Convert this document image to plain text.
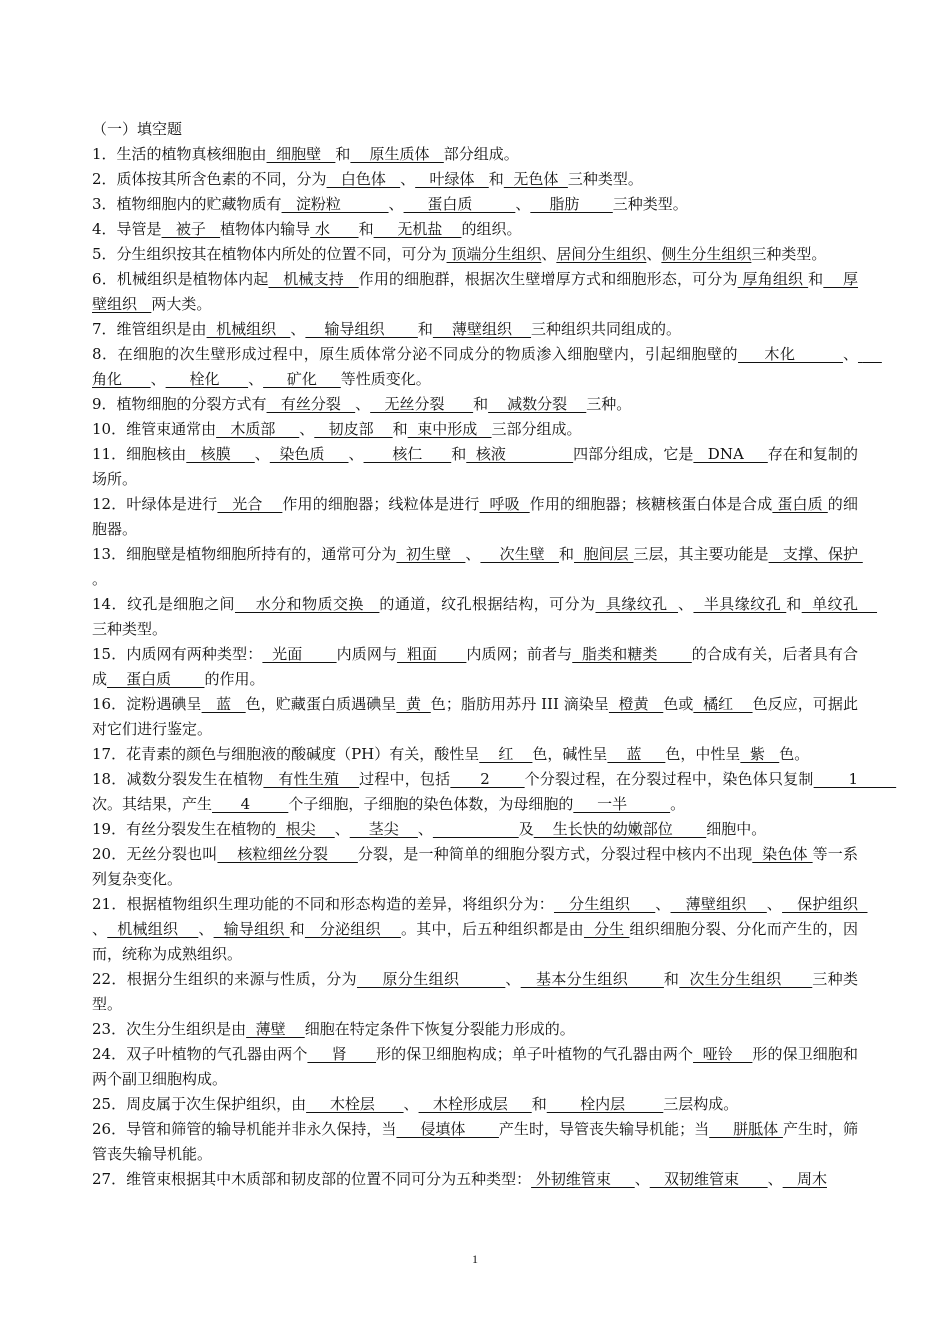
（一）填空题
1．生活的植物真核细胞由  细胞壁   和    原生质体   部分组成。
2．质体按其所含色素的不同，分为   白色体   、   叶绿体   和  无色体  三种类型。
3．植物细胞内的贮藏物质有   淀粉粒          、     蛋白质         、    脂肪       三种类型。
4．导管是   被子   植物体内输导 水      和     无机盐    的组织。
5．分生组织按其在植物体内所处的位置不同，可分为 顶端分生组织、居间分生组织、侧生分生组织三种类型。
6．机械组织是植物体内起   机械支持   作用的细胞群，根据次生壁增厚方式和细胞形态，可分为 厚角组织 和    厚壁组织   两大类。
7．维管组织是由  机械组织   、    输导组织       和    薄壁组织    三种组织共同组成的。
8．在细胞的次生壁形成过程中，原生质体常分泌不同成分的物质渗入细胞壁内，引起细胞壁的     木化         、     角化      、     栓化      、     矿化     等性质变化。
9．植物细胞的分裂方式有   有丝分裂   、   无丝分裂      和    减数分裂    三种。
10．维管束通常由   木质部     、   韧皮部    和  束中形成   三部分组成。
11．细胞核由   核膜     、  染色质     、      核仁      和  核液              四部分组成，它是   DNA     存在和复制的场所。
12．叶绿体是进行   光合    作用的细胞器；线粒体是进行  呼吸  作用的细胞器；核糖核蛋白体是合成 蛋白质 的细胞器。
13．细胞壁是植物细胞所持有的，通常可分为  初生壁   、    次生壁   和  胞间层 三层，其主要功能是   支撑、保护 。
14．纹孔是细胞之间    水分和物质交换   的通道，纹孔根据结构，可分为  具缘纹孔  、  半具缘纹孔 和  单纹孔    三种类型。
15．内质网有两种类型：  光面       内质网与  粗面      内质网；前者与  脂类和糖类       的合成有关，后者具有合成    蛋白质       的作用。
16．淀粉遇碘呈   蓝   色，贮藏蛋白质遇碘呈  黄  色；脂肪用苏丹 III 滴染呈  橙黄   色或  橘红    色反应，可据此对它们进行鉴定。
17．花青素的颜色与细胞液的酸碱度（PH）有关，酸性呈    红    色，碱性呈    蓝     色，中性呈  紫   色。
18．减数分裂发生在植物   有性生殖    过程中，包括      2       个分裂过程，在分裂过程中，染色体只复制       1        次。其结果，产生      4        个子细胞，子细胞的染色体数，为母细胞的     一半         。
19．有丝分裂发生在植物的  根尖    、    茎尖    、	及    生长快的幼嫩部位       细胞中。
20．无丝分裂也叫    核粒细丝分裂      分裂，是一种简单的细胞分裂方式，分裂过程中核内不出现  染色体 等一系列复杂变化。
21．根据植物组织生理功能的不同和形态构造的差异，将组织分为：   分生组织     、   薄壁组织    、   保护组织  、  机械组织    、  输导组织 和   分泌组织    。其中，后五种组织都是由  分生 组织细胞分裂、分化而产生的，因而，统称为成熟组织。
22．根据分生组织的来源与性质，分为     原分生组织         、   基本分生组织       和  次生分生组织      三种类型。
23．次生分生组织是由  薄壁    细胞在特定条件下恢复分裂能力形成的。
24．双子叶植物的气孔器由两个     肾      形的保卫细胞构成；单子叶植物的气孔器由两个  哑铃    形的保卫细胞和两个副卫细胞构成。
25．周皮属于次生保护组织，由     木栓层      、   木栓形成层     和       栓内层        三层构成。
26．导管和筛管的输导机能并非永久保持，当     侵填体       产生时，导管丧失输导机能；当     胼胝体 产生时，筛管丧失输导机能。
27．维管束根据其中木质部和韧皮部的位置不同可分为五种类型： 外韧维管束     、   双韧维管束      、   周木
1
